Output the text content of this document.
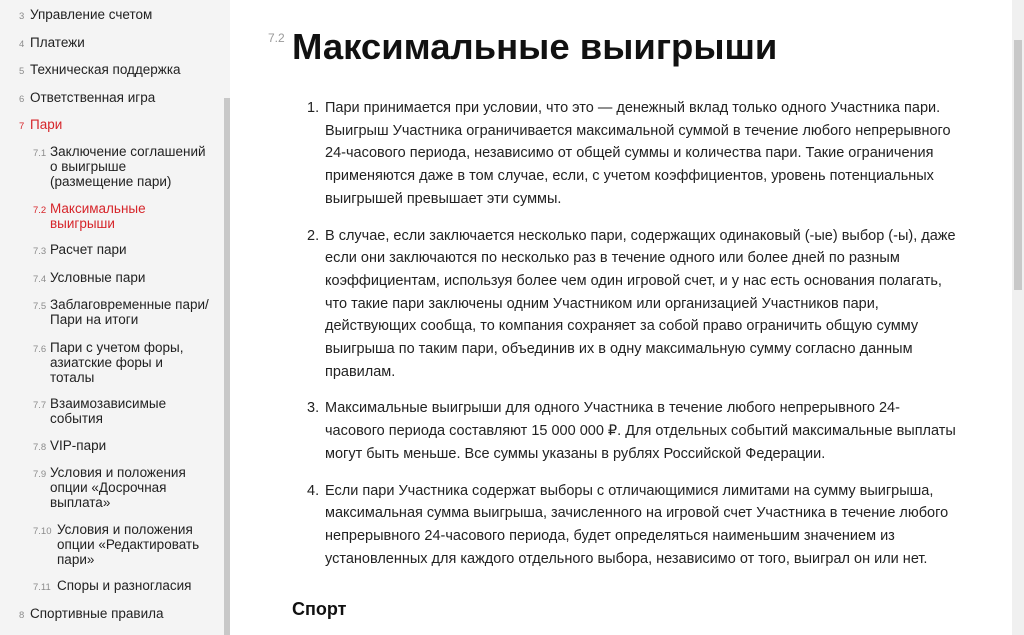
3 Управление счетом
4 Платежи
5 Техническая поддержка
6 Ответственная игра
7 Пари
7.1 Заключение соглашений о выигрыше (размещение пари)
7.2 Максимальные выигрыши
7.3 Расчет пари
7.4 Условные пари
7.5 Заблаговременные пари/Пари на итоги
7.6 Пари с учетом форы, азиатские форы и тоталы
7.7 Взаимозависимые события
7.8 VIP-пари
7.9 Условия и положения опции «Досрочная выплата»
7.10 Условия и положения опции «Редактировать пари»
7.11 Споры и разногласия
8 Спортивные правила
7.2 Максимальные выигрыши
1. Пари принимается при условии, что это — денежный вклад только одного Участника пари. Выигрыш Участника ограничивается максимальной суммой в течение любого непрерывного 24-часового периода, независимо от общей суммы и количества пари. Такие ограничения применяются даже в том случае, если, с учетом коэффициентов, уровень потенциальных выигрышей превышает эти суммы.
2. В случае, если заключается несколько пари, содержащих одинаковый (-ые) выбор (-ы), даже если они заключаются по несколько раз в течение одного или более дней по разным коэффициентам, используя более чем один игровой счет, и у нас есть основания полагать, что такие пари заключены одним Участником или организацией Участников пари, действующих сообща, то компания сохраняет за собой право ограничить общую сумму выигрыша по таким пари, объединив их в одну максимальную сумму согласно данным правилам.
3. Максимальные выигрыши для одного Участника в течение любого непрерывного 24-часового периода составляют 15 000 000 ₽. Для отдельных событий максимальные выплаты могут быть меньше. Все суммы указаны в рублях Российской Федерации.
4. Если пари Участника содержат выборы с отличающимися лимитами на сумму выигрыша, максимальная сумма выигрыша, зачисленного на игровой счет Участника в течение любого непрерывного 24-часового периода, будет определяться наименьшим значением из установленных для каждого отдельного выбора, независимо от того, выиграл он или нет.
Спорт
